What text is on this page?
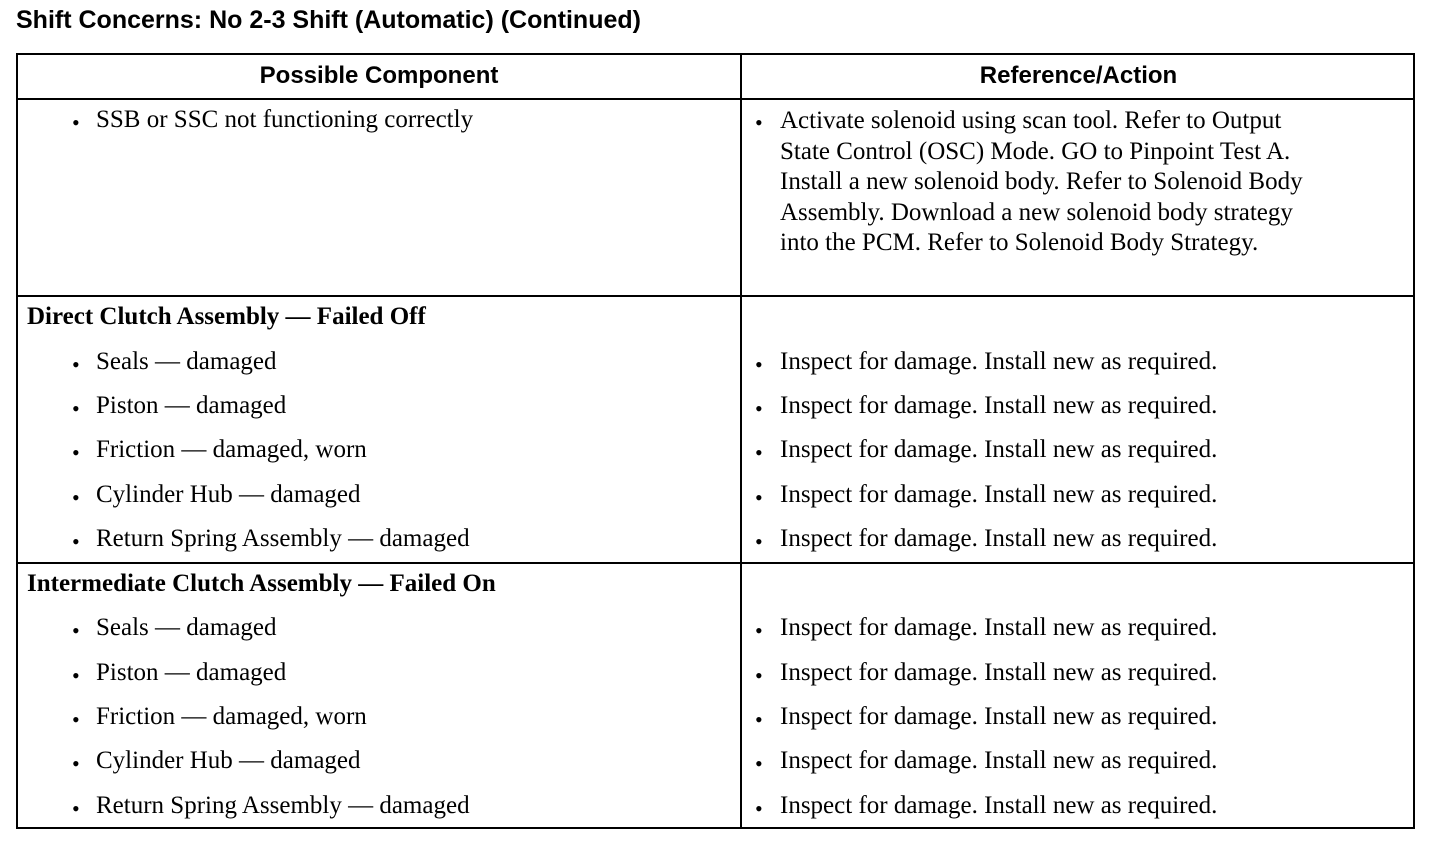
Shift Concerns: No 2-3 Shift (Automatic) (Continued)
Possible Component	Reference/Action
• SSB or SSC not functioning correctly	• Activate solenoid using scan tool. Refer to Output
State Control (OSC) Mode. GO to Pinpoint Test A.
Install a new solenoid body. Refer to Solenoid Body
Assembly. Download a new solenoid body strategy
into the PCM. Refer to Solenoid Body Strategy.
Direct Clutch Assembly — Failed Off
• Seals — damaged	• Inspect for damage. Install new as required.
• Piston — damaged	• Inspect for damage. Install new as required.
• Friction — damaged, worn	• Inspect for damage. Install new as required.
• Cylinder Hub — damaged	• Inspect for damage. Install new as required.
• Return Spring Assembly — damaged	• Inspect for damage. Install new as required.
Intermediate Clutch Assembly — Failed On
• Seals — damaged	• Inspect for damage. Install new as required.
• Piston — damaged	• Inspect for damage. Install new as required.
• Friction — damaged, worn	• Inspect for damage. Install new as required.
• Cylinder Hub — damaged	• Inspect for damage. Install new as required.
• Return Spring Assembly — damaged	• Inspect for damage. Install new as required.
